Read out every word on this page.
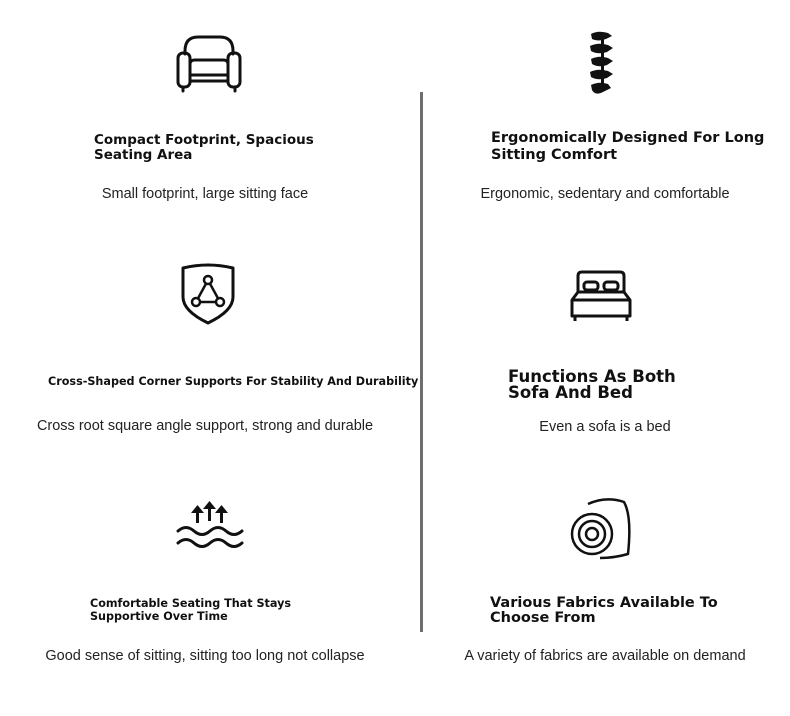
Compact Footprint, Spacious
Seating Area
Small footprint, large sitting face
Ergonomically Designed For Long
Sitting Comfort
Ergonomic, sedentary and comfortable
Cross-Shaped Corner Supports For Stability And Durability
Cross root square angle support, strong and durable
Functions As Both
Sofa And Bed
Even a sofa is a bed
Comfortable Seating That Stays
Supportive Over Time
Good sense of sitting, sitting too long not collapse
Various Fabrics Available To
Choose From
A variety of fabrics are available on demand
